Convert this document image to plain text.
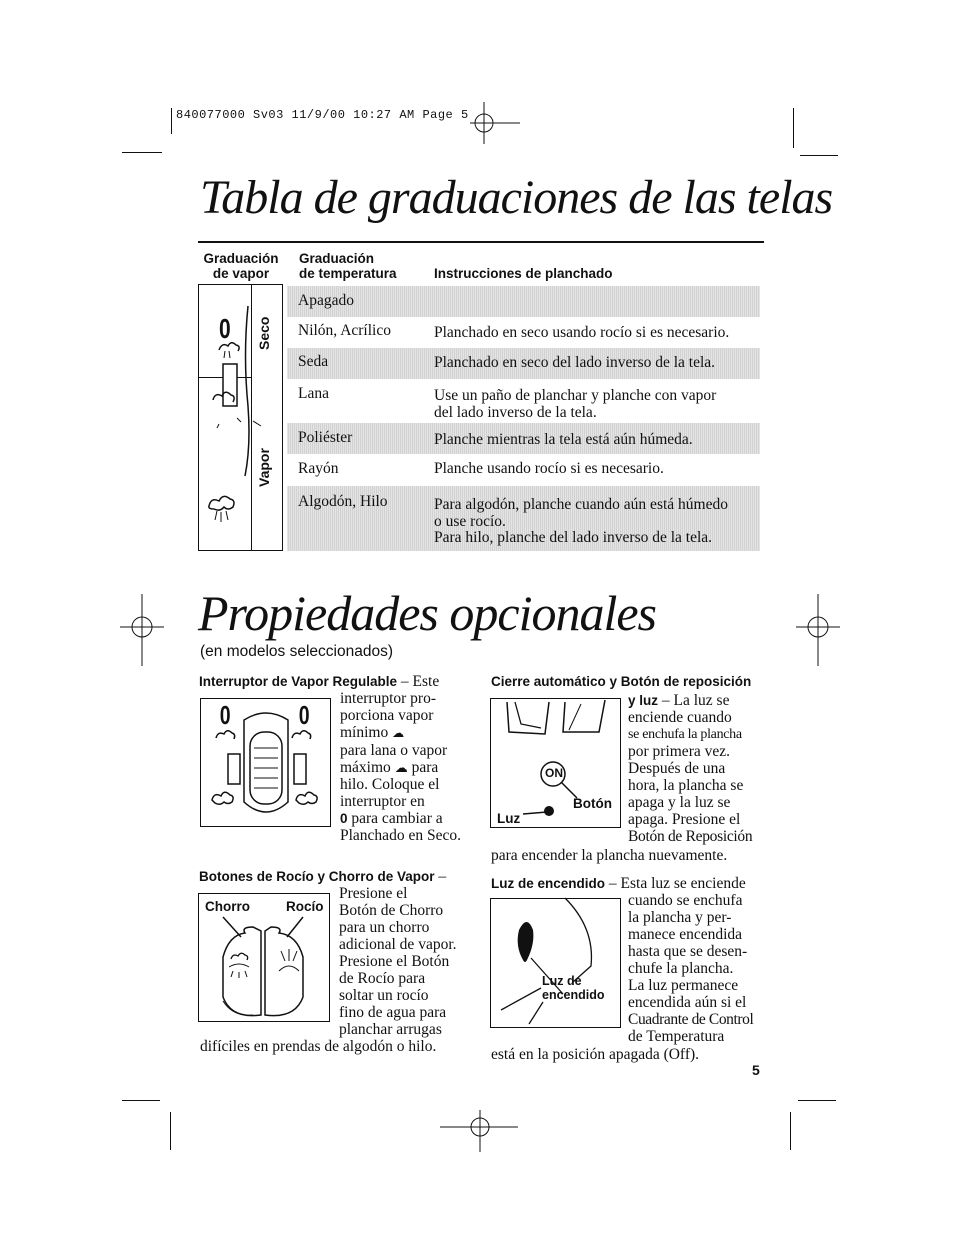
840077000 Sv03 11/9/00 10:27 AM Page 5
Tabla de graduaciones de las telas
Graduación
de vapor
Graduación
de temperatura	Instrucciones de planchado
0 Seco
Vapor
Apagado
Nilón, Acrílico	Planchado en seco usando rocío si es necesario.
Seda	Planchado en seco del lado inverso de la tela.
Lana	Use un paño de planchar y planche con vapor
del lado inverso de la tela.
Poliéster	Planche mientras la tela está aún húmeda.
Rayón	Planche usando rocío si es necesario.
Algodón, Hilo	Para algodón, planche cuando aún está húmedo
o use rocío.
Para hilo, planche del lado inverso de la tela.
Propiedades opcionales
(en modelos seleccionados)
Interruptor de Vapor Regulable – Este
0	0
interruptor pro-
porciona vapor
mínimo ☁
para lana o vapor
máximo ☁ para
hilo. Coloque el
interruptor en
0 para cambiar a
Planchado en Seco.
Botones de Rocío y Chorro de Vapor –
Chorro	Rocío
Presione el
Botón de Chorro
para un chorro
adicional de vapor.
Presione el Botón
de Rocío para
soltar un rocío
fino de agua para
planchar arrugas
difíciles en prendas de algodón o hilo.
Cierre automático y Botón de reposición
ON
Botón
Luz
y luz – La luz se
enciende cuando
se enchufa la plancha
por primera vez.
Después de una
hora, la plancha se
apaga y la luz se
apaga. Presione el
Botón de Reposición
para encender la plancha nuevamente.
Luz de encendido – Esta luz se enciende
Luz de
encendido
cuando se enchufa
la plancha y per-
manece encendida
hasta que se desen-
chufe la plancha.
La luz permanece
encendida aún si el
Cuadrante de Control
de Temperatura
está en la posición apagada (Off).
5
